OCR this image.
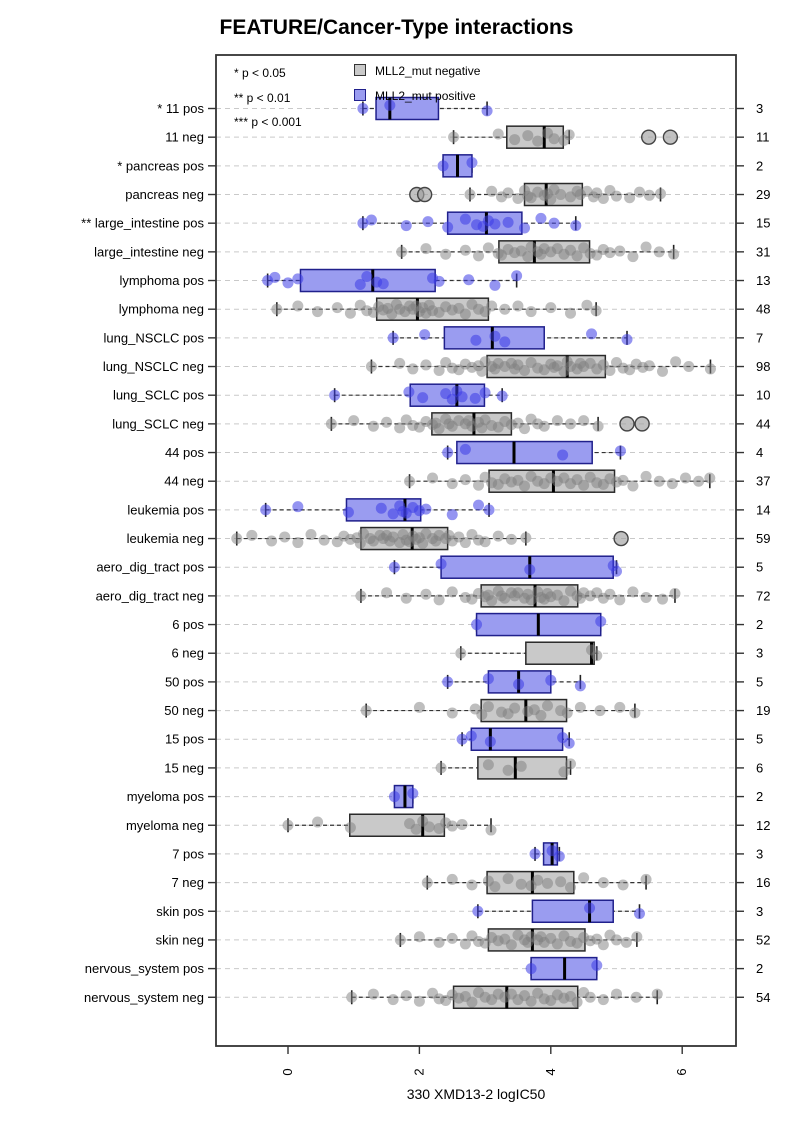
FEATURE/Cancer-Type interactions
* 11 pos	3
11 neg	11
* pancreas pos	2
pancreas neg	29
** large_intestine pos	15
large_intestine neg	31
lymphoma pos	13
lymphoma neg	48
lung_NSCLC pos	7
lung_NSCLC neg	98
lung_SCLC pos	10
lung_SCLC neg	44
44 pos	4
44 neg	37
leukemia pos	14
leukemia neg	59
aero_dig_tract pos	5
aero_dig_tract neg	72
6 pos	2
6 neg	3
50 pos	5
50 neg	19
15 pos	5
15 neg	6
myeloma pos	2
myeloma neg	12
7 pos	3
7 neg	16
skin pos	3
skin neg	52
nervous_system pos	2
nervous_system neg	54
0	2	4	6
* p < 0.05
** p < 0.01
*** p < 0.001
MLL2_mut negative
MLL2_mut positive
330 XMD13-2 logIC50
